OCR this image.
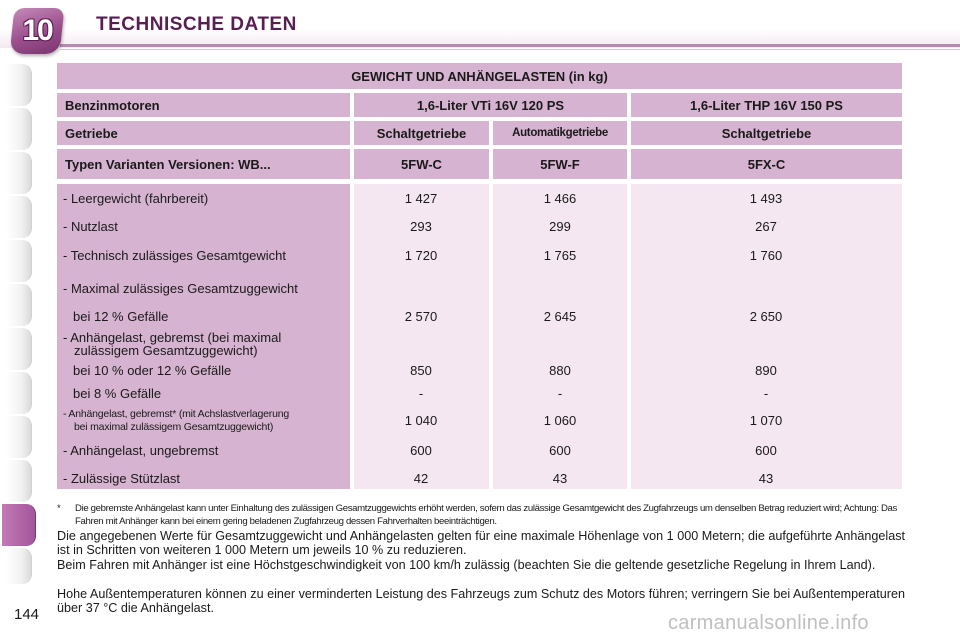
10	TECHNISCHE DATEN
GEWICHT UND ANHÄNGELASTEN (in kg)
Benzinmotoren	1,6-Liter VTi 16V 120 PS	1,6-Liter THP 16V 150 PS
Getriebe	Schaltgetriebe	Automatikgetriebe	Schaltgetriebe
Typen Varianten Versionen: WB...	5FW-C	5FW-F	5FX-C
- Leergewicht (fahrbereit)	1 427	1 466	1 493
- Nutzlast	293	299	267
- Technisch zulässiges Gesamtgewicht	1 720	1 765	1 760
- Maximal zulässiges Gesamtzuggewicht
bei 12 % Gefälle	2 570	2 645	2 650
- Anhängelast, gebremst (bei maximal
zulässigem Gesamtzuggewicht)
bei 10 % oder 12 % Gefälle	850	880	890
bei 8 % Gefälle	-	-	-
- Anhängelast, gebremst* (mit Achslastverlagerung
bei maximal zulässigem Gesamtzuggewicht)	1 040	1 060	1 070
- Anhängelast, ungebremst	600	600	600
- Zulässige Stützlast	42	43	43
* Die gebremste Anhängelast kann unter Einhaltung des zulässigen Gesamtzuggewichts erhöht werden, sofern das zulässige Gesamtgewicht des Zugfahrzeugs um denselben Betrag reduziert wird; Achtung: Das Fahren mit Anhänger kann bei einem gering beladenen Zugfahrzeug dessen Fahrverhalten beeinträchtigen.
Die angegebenen Werte für Gesamtzuggewicht und Anhängelasten gelten für eine maximale Höhenlage von 1 000 Metern; die aufgeführte Anhängelast ist in Schritten von weiteren 1 000 Metern um jeweils 10 % zu reduzieren.
Beim Fahren mit Anhänger ist eine Höchstgeschwindigkeit von 100 km/h zulässig (beachten Sie die geltende gesetzliche Regelung in Ihrem Land).
Hohe Außentemperaturen können zu einer verminderten Leistung des Fahrzeugs zum Schutz des Motors führen; verringern Sie bei Außentemperaturen über 37 °C die Anhängelast.
144	carmanualsonline.info
